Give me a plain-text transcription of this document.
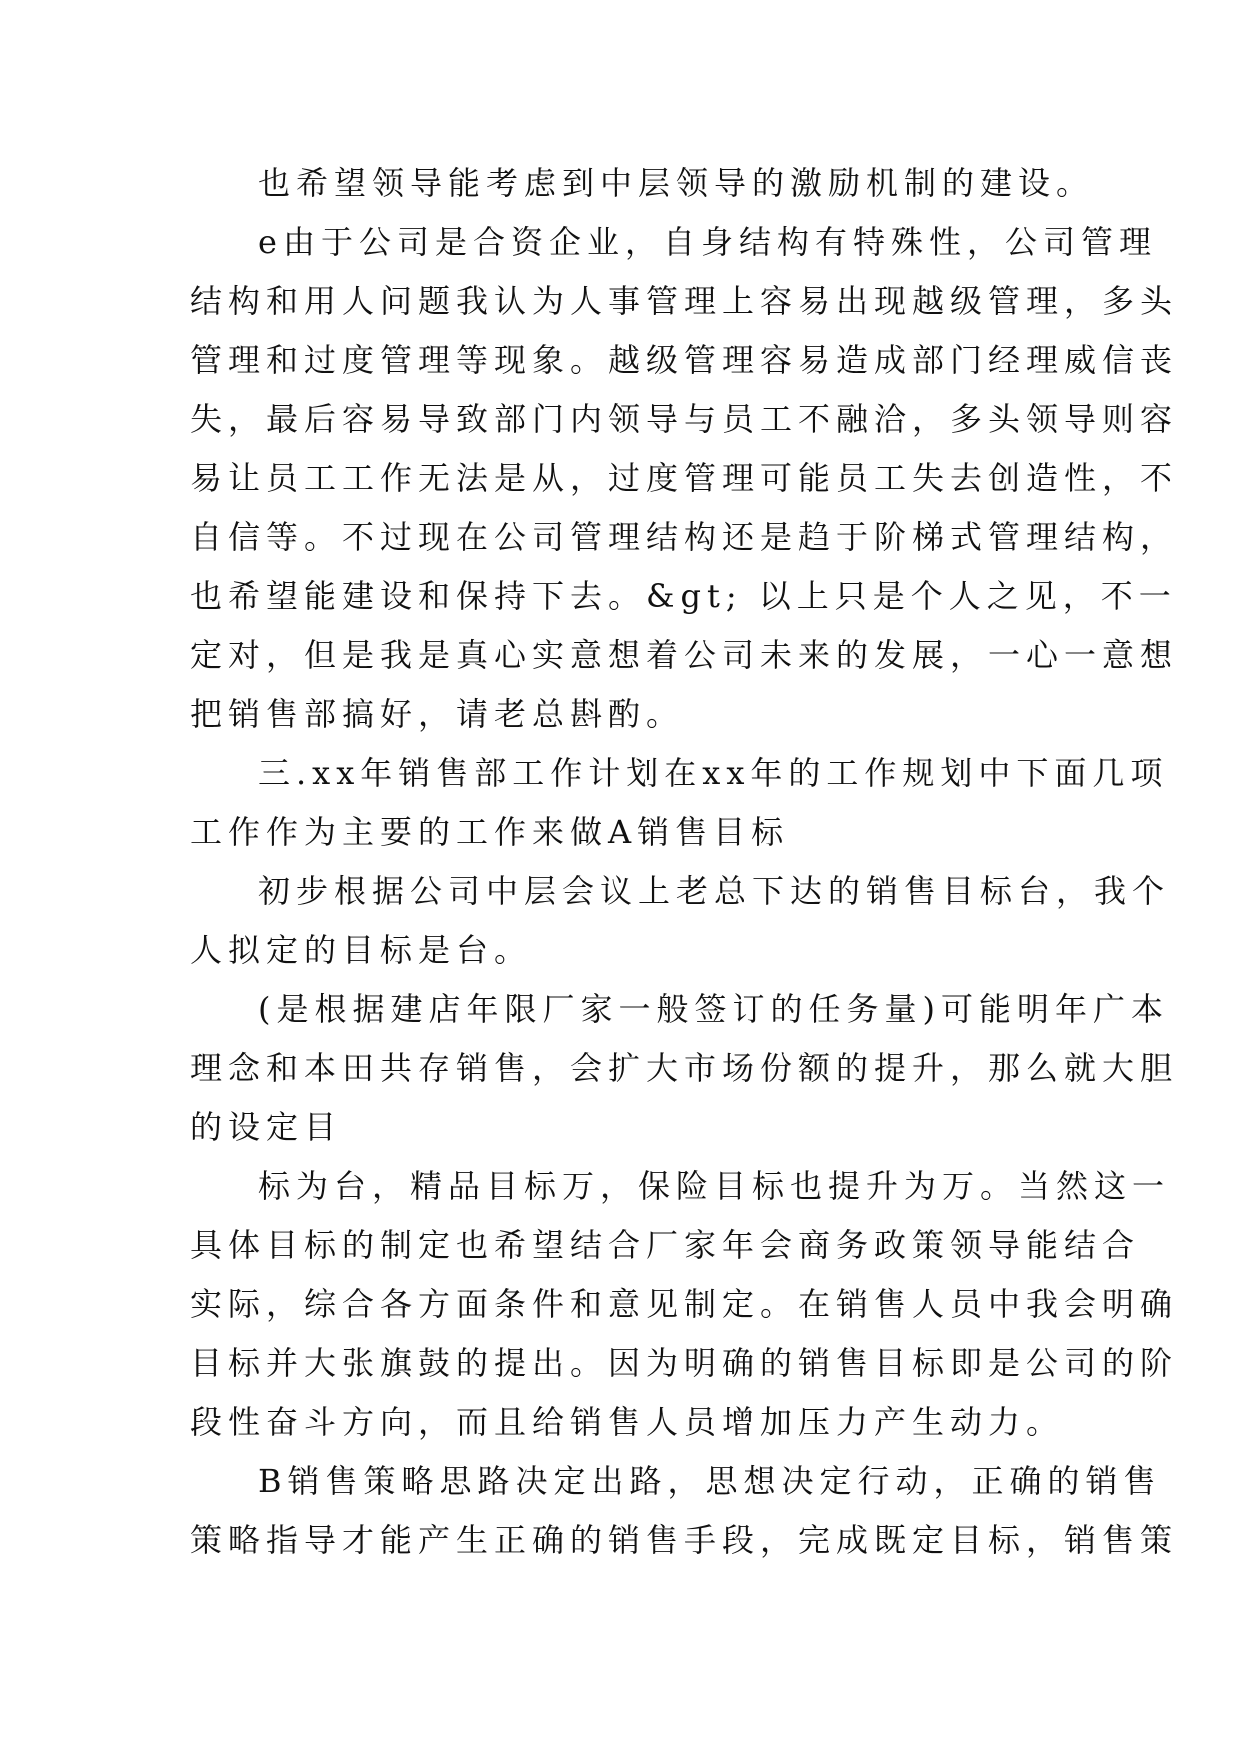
也希望领导能考虑到中层领导的激励机制的建设。
e由于公司是合资企业，自身结构有特殊性，公司管理
结构和用人问题我认为人事管理上容易出现越级管理，多头
管理和过度管理等现象。越级管理容易造成部门经理威信丧
失，最后容易导致部门内领导与员工不融洽，多头领导则容
易让员工工作无法是从，过度管理可能员工失去创造性，不
自信等。不过现在公司管理结构还是趋于阶梯式管理结构，
也希望能建设和保持下去。&gt; 以上只是个人之见，不一
定对，但是我是真心实意想着公司未来的发展，一心一意想
把销售部搞好，请老总斟酌。
三.xx年销售部工作计划在xx年的工作规划中下面几项
工作作为主要的工作来做A销售目标
初步根据公司中层会议上老总下达的销售目标台，我个
人拟定的目标是台。
(是根据建店年限厂家一般签订的任务量)可能明年广本
理念和本田共存销售，会扩大市场份额的提升，那么就大胆
的设定目
标为台，精品目标万，保险目标也提升为万。当然这一
具体目标的制定也希望结合厂家年会商务政策领导能结合
实际，综合各方面条件和意见制定。在销售人员中我会明确
目标并大张旗鼓的提出。因为明确的销售目标即是公司的阶
段性奋斗方向，而且给销售人员增加压力产生动力。
B销售策略思路决定出路，思想决定行动，正确的销售
策略指导才能产生正确的销售手段，完成既定目标，销售策
